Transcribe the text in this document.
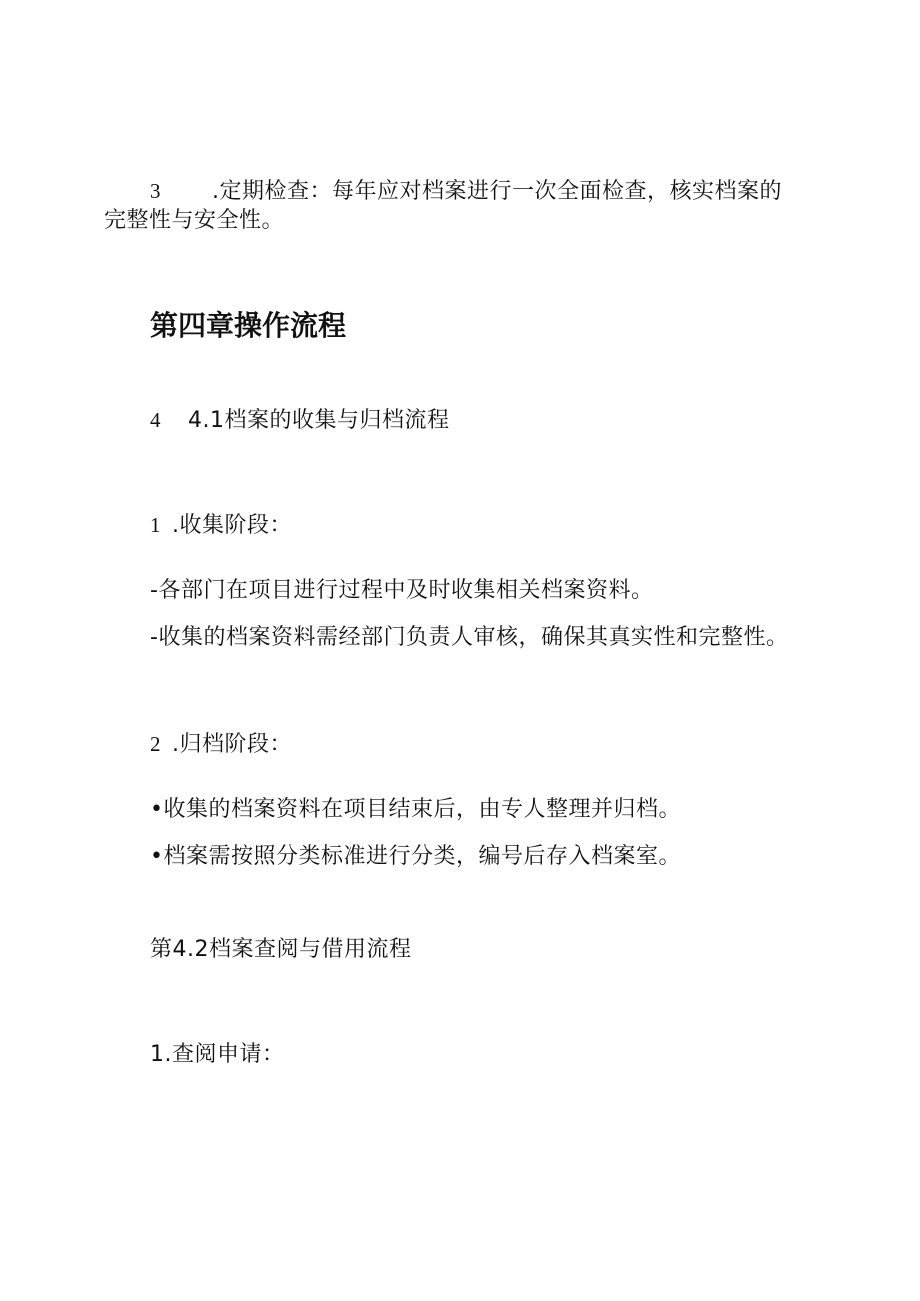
3 .定期检查：每年应对档案进行一次全面检查，核实档案的
完整性与安全性。
第四章操作流程
4 4.1档案的收集与归档流程
1 .收集阶段：
-各部门在项目进行过程中及时收集相关档案资料。
-收集的档案资料需经部门负责人审核，确保其真实性和完整性。
2 .归档阶段：
•收集的档案资料在项目结束后，由专人整理并归档。
•档案需按照分类标准进行分类，编号后存入档案室。
第4.2档案查阅与借用流程
1.查阅申请：
